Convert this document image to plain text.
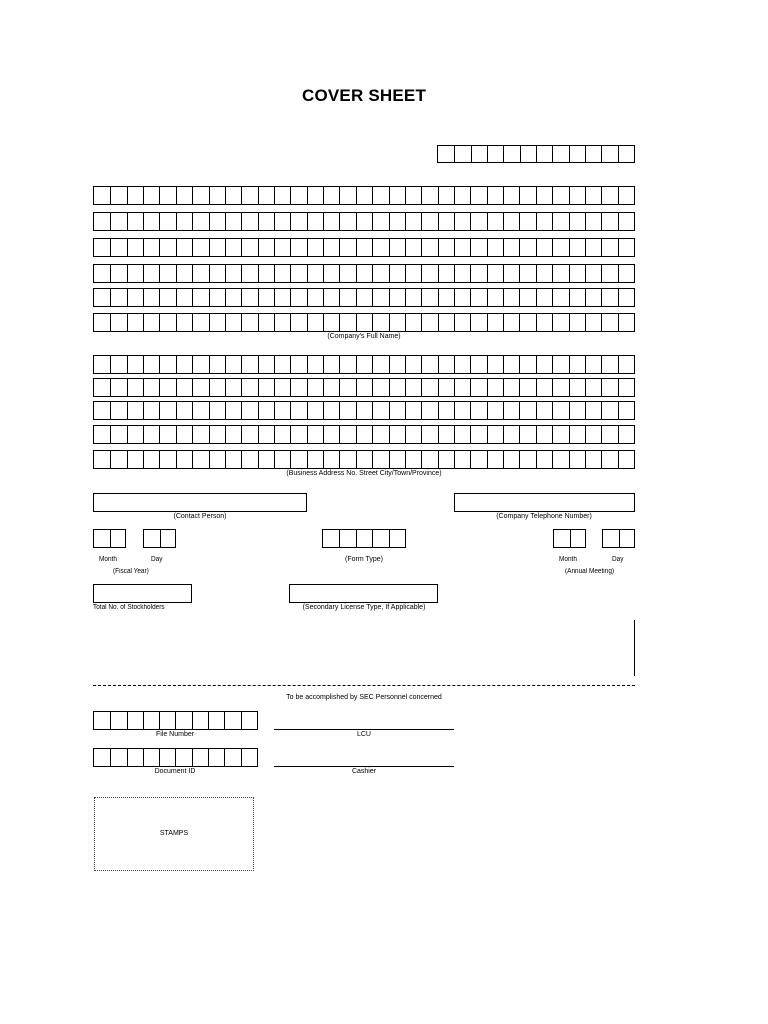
COVER SHEET
(Company's Full Name)
(Business Address No. Street City/Town/Province)
(Contact Person)	(Company Telephone Number)
Month	Day
(Fiscal Year)
(Form Type)	Month	Day
(Annual Meeting)
Total No. of Stockholders	(Secondary License Type, If Applicable)
To be accomplished by SEC Personnel concerned
File Number	LCU
Document ID	Cashier
STAMPS
